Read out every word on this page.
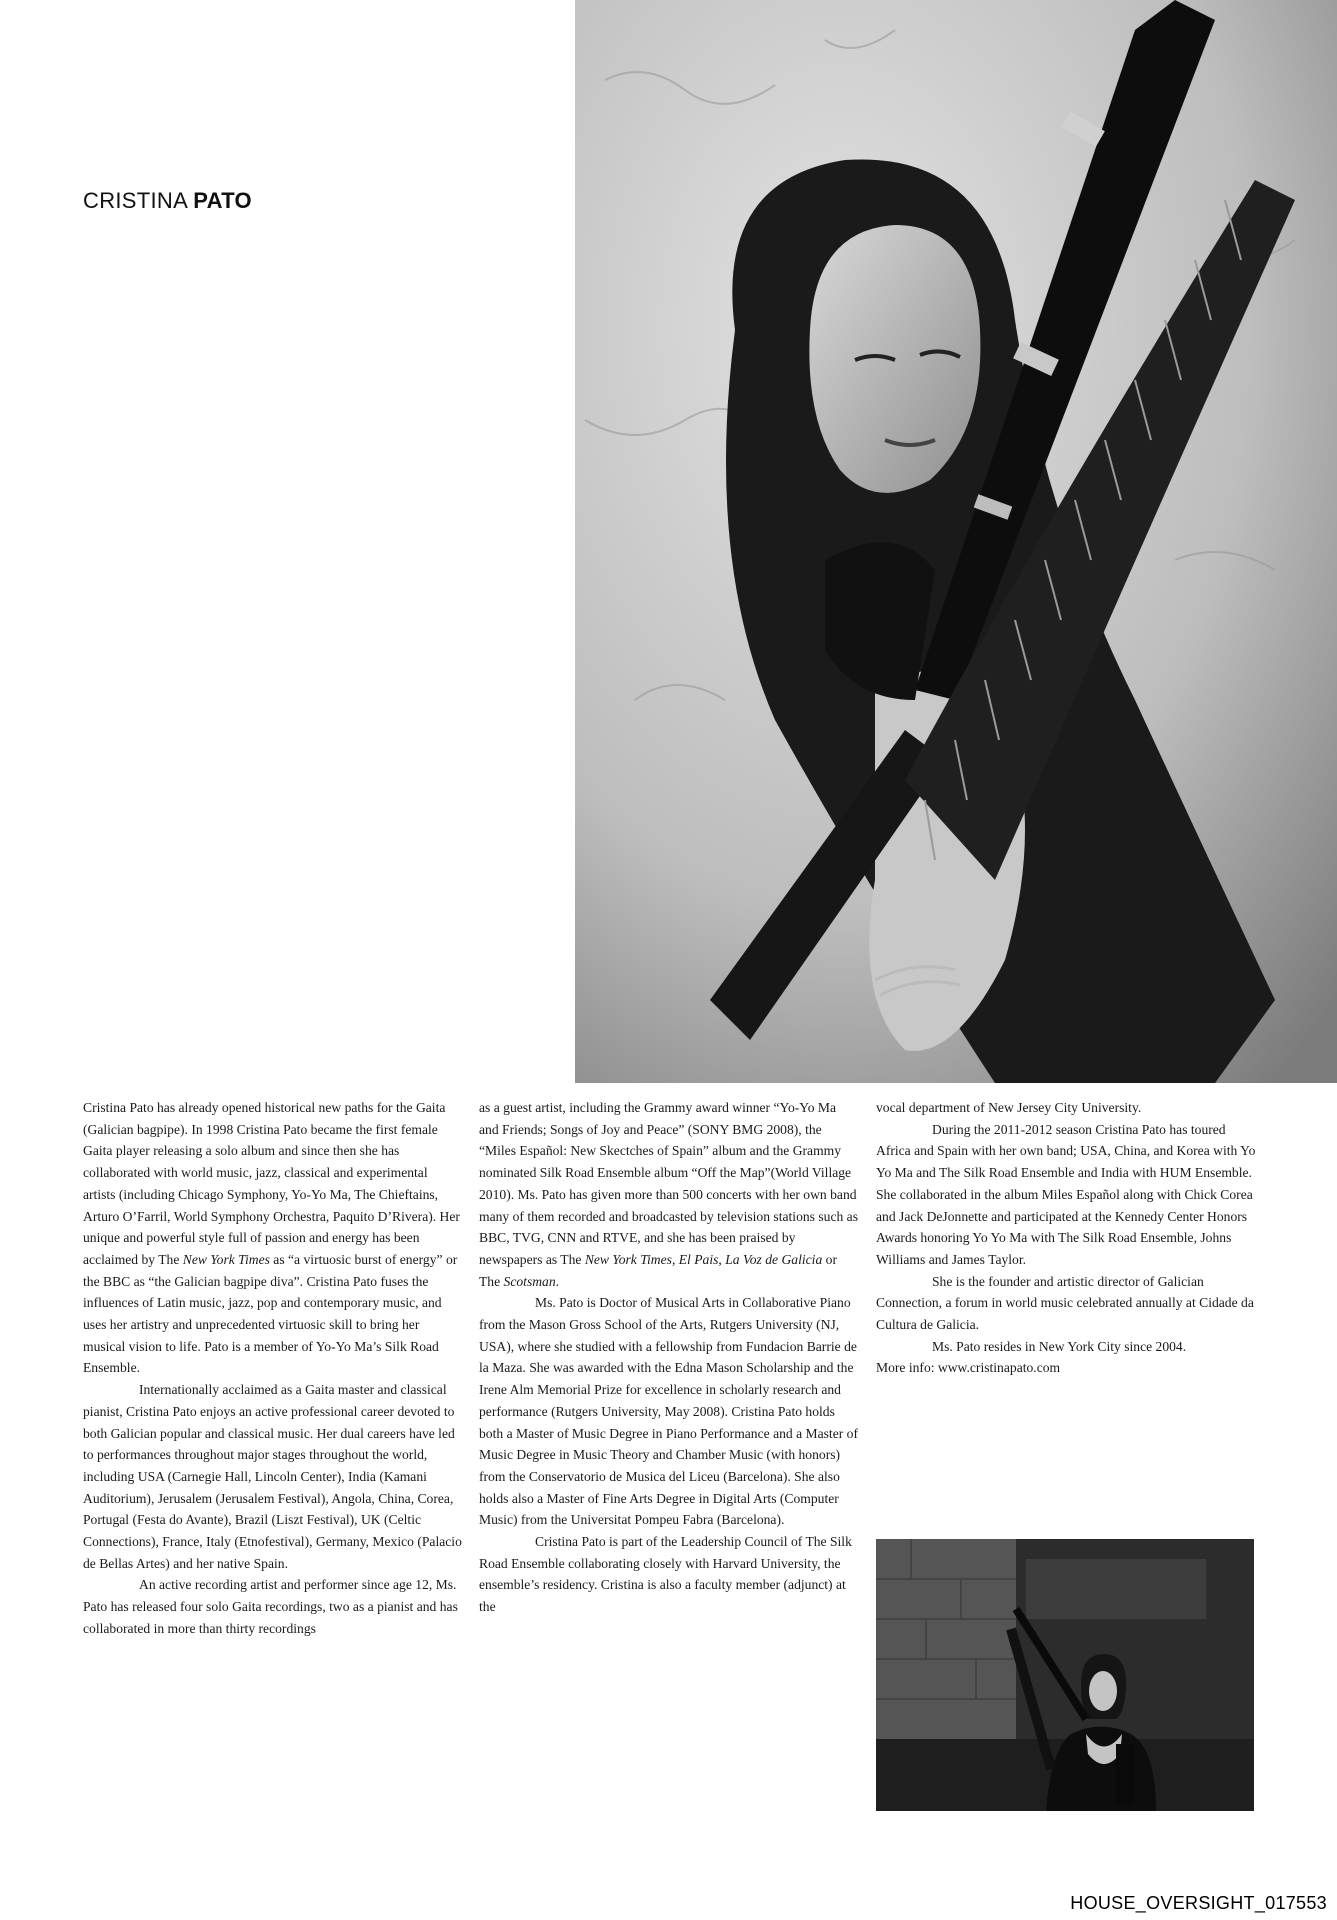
CRISTINA PATO

Cristina Pato has already opened historical new paths for the Gaita (Galician bagpipe). In 1998 Cristina Pato became the first female Gaita player releasing a solo album and since then she has collaborated with world music, jazz, classical and experimental artists (including Chicago Symphony, Yo-Yo Ma, The Chieftains, Arturo O’Farril, World Symphony Orchestra, Paquito D’Rivera). Her unique and powerful style full of passion and energy has been acclaimed by The New York Times as “a virtuosic burst of energy” or the BBC as “the Galician bagpipe diva”. Cristina Pato fuses the influences of Latin music, jazz, pop and contemporary music, and uses her artistry and unprecedented virtuosic skill to bring her musical vision to life. Pato is a member of Yo-Yo Ma’s Silk Road Ensemble.

Internationally acclaimed as a Gaita master and classical pianist, Cristina Pato enjoys an active professional career devoted to both Galician popular and classical music. Her dual careers have led to performances throughout major stages throughout the world, including USA (Carnegie Hall, Lincoln Center), India (Kamani Auditorium), Jerusalem (Jerusalem Festival), Angola, China, Corea, Portugal (Festa do Avante), Brazil (Liszt Festival), UK (Celtic Connections), France, Italy (Etnofestival), Germany, Mexico (Palacio de Bellas Artes) and her native Spain.

An active recording artist and performer since age 12, Ms. Pato has released four solo Gaita recordings, two as a pianist and has collaborated in more than thirty recordings

as a guest artist, including the Grammy award winner “Yo-Yo Ma and Friends; Songs of Joy and Peace” (SONY BMG 2008), the “Miles Español: New Skectches of Spain” album and the Grammy nominated Silk Road Ensemble album “Off the Map”(World Village 2010). Ms. Pato has given more than 500 concerts with her own band many of them recorded and broadcasted by television stations such as BBC, TVG, CNN and RTVE, and she has been praised by newspapers as The New York Times, El Pais, La Voz de Galicia or The Scotsman.

Ms. Pato is Doctor of Musical Arts in Collaborative Piano from the Mason Gross School of the Arts, Rutgers University (NJ, USA), where she studied with a fellowship from Fundacion Barrie de la Maza. She was awarded with the Edna Mason Scholarship and the Irene Alm Memorial Prize for excellence in scholarly research and performance (Rutgers University, May 2008). Cristina Pato holds both a Master of Music Degree in Piano Performance and a Master of Music Degree in Music Theory and Chamber Music (with honors) from the Conservatorio de Musica del Liceu (Barcelona). She also holds also a Master of Fine Arts Degree in Digital Arts (Computer Music) from the Universitat Pompeu Fabra (Barcelona).

Cristina Pato is part of the Leadership Council of The Silk Road Ensemble collaborating closely with Harvard University, the ensemble’s residency. Cristina is also a faculty member (adjunct) at the

vocal department of New Jersey City University.

During the 2011-2012 season Cristina Pato has toured Africa and Spain with her own band; USA, China, and Korea with Yo Yo Ma and The Silk Road Ensemble and India with HUM Ensemble. She collaborated in the album Miles Español along with Chick Corea and Jack DeJonnette and participated at the Kennedy Center Honors Awards honoring Yo Yo Ma with The Silk Road Ensemble, Johns Williams and James Taylor.

She is the founder and artistic director of Galician Connection, a forum in world music celebrated annually at Cidade da Cultura de Galicia.

Ms. Pato resides in New York City since 2004.

More info: www.cristinapato.com

HOUSE_OVERSIGHT_017553
